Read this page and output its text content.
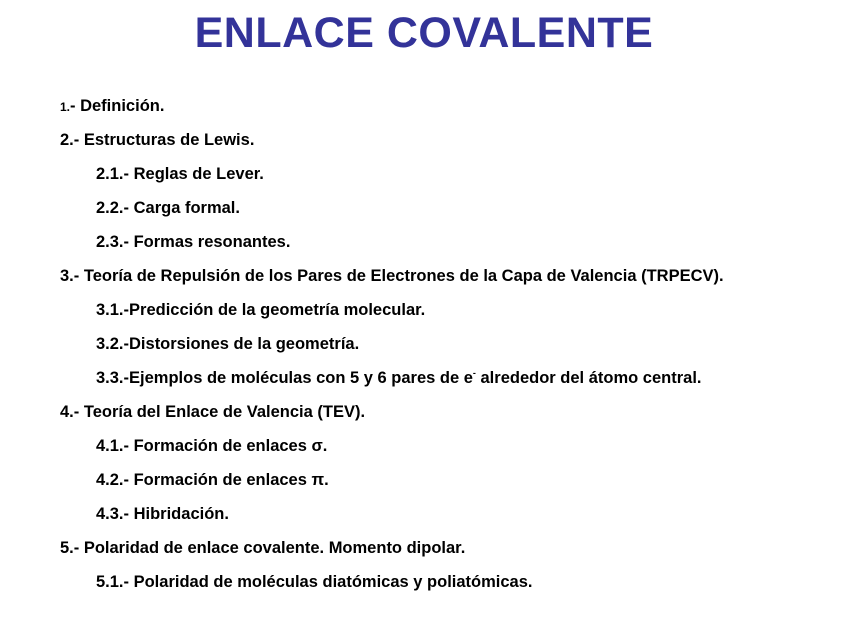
ENLACE COVALENTE
1.- Definición.
2.- Estructuras de Lewis.
2.1.- Reglas de Lever.
2.2.- Carga formal.
2.3.- Formas resonantes.
3.- Teoría de Repulsión de los Pares de Electrones de la Capa de Valencia (TRPECV).
3.1.-Predicción de la geometría molecular.
3.2.-Distorsiones de la geometría.
3.3.-Ejemplos de moléculas con 5 y 6 pares de e- alrededor del átomo central.
4.- Teoría del Enlace de Valencia (TEV).
4.1.- Formación de enlaces σ.
4.2.- Formación de enlaces π.
4.3.- Hibridación.
5.- Polaridad de enlace covalente. Momento dipolar.
5.1.- Polaridad de moléculas diatómicas y poliatómicas.
